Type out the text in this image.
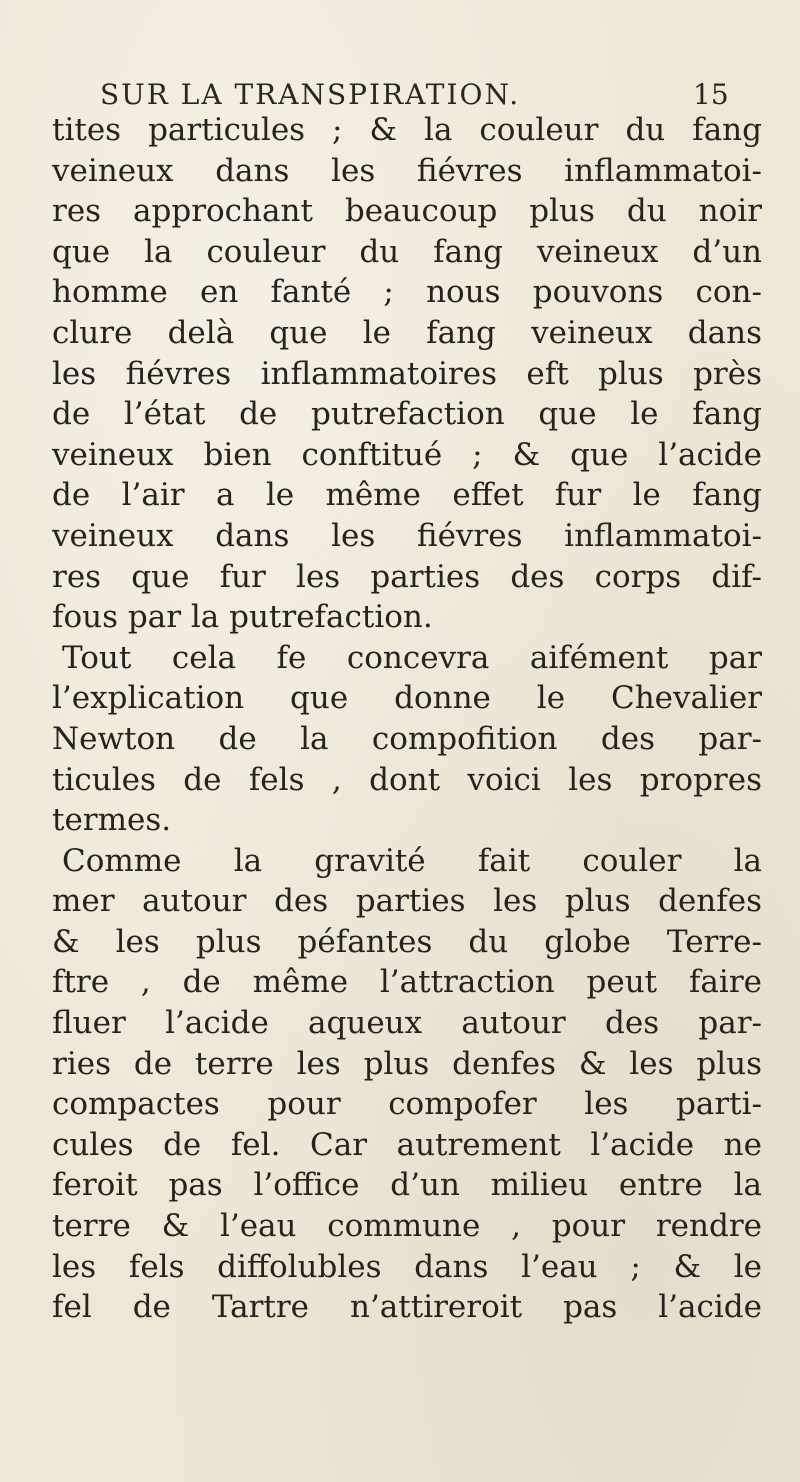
SUR LA TRANSPIRATION.	15
tites particules ; & la couleur du fang
veineux dans les fiévres inflammatoi-
res approchant beaucoup plus du noir
que la couleur du fang veineux d’un
homme en fanté ; nous pouvons con-
clure delà que le fang veineux dans
les fiévres inflammatoires eft plus près
de l’état de putrefaction que le fang
veineux bien conftitué ; & que l’acide
de l’air a le même effet fur le fang
veineux dans les fiévres inflammatoi-
res que fur les parties des corps dif-
fous par la putrefaction.
Tout cela fe concevra aifément par
l’explication que donne le Chevalier
Newton de la compofition des par-
ticules de fels , dont voici les propres
termes.
Comme la gravité fait couler la
mer autour des parties les plus denfes
& les plus péfantes du globe Terre-
ftre , de même l’attraction peut faire
fluer l’acide aqueux autour des par-
ries de terre les plus denfes & les plus
compactes pour compofer les parti-
cules de fel. Car autrement l’acide ne
feroit pas l’office d’un milieu entre la
terre & l’eau commune , pour rendre
les fels diffolubles dans l’eau ; & le
fel de Tartre n’attireroit pas l’acide
